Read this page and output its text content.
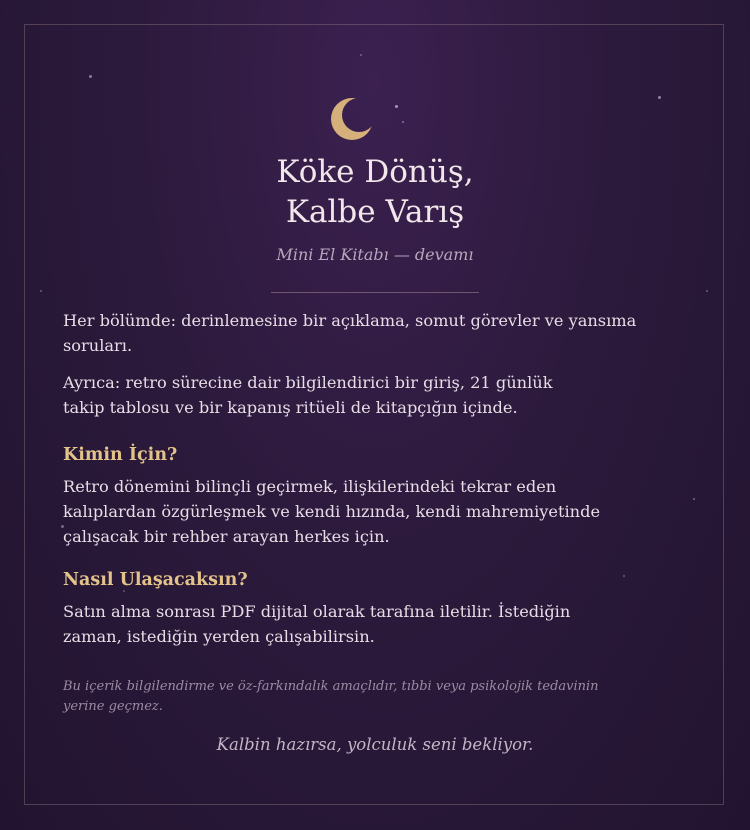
Köke Dönüş,
Kalbe Varış

Mini El Kitabı — devamı

Her bölümde: derinlemesine bir açıklama, somut görevler ve yansıma soruları.

Ayrıca: retro sürecine dair bilgilendirici bir giriş, 21 günlük takip tablosu ve bir kapanış ritüeli de kitapçığın içinde.

Kimin İçin?

Retro dönemini bilinçli geçirmek, ilişkilerindeki tekrar eden kalıplardan özgürleşmek ve kendi hızında, kendi mahremiyetinde çalışacak bir rehber arayan herkes için.

Nasıl Ulaşacaksın?

Satın alma sonrası PDF dijital olarak tarafına iletilir. İstediğin zaman, istediğin yerden çalışabilirsin.

Bu içerik bilgilendirme ve öz-farkındalık amaçlıdır, tıbbi veya psikolojik tedavinin yerine geçmez.

Kalbin hazırsa, yolculuk seni bekliyor.
